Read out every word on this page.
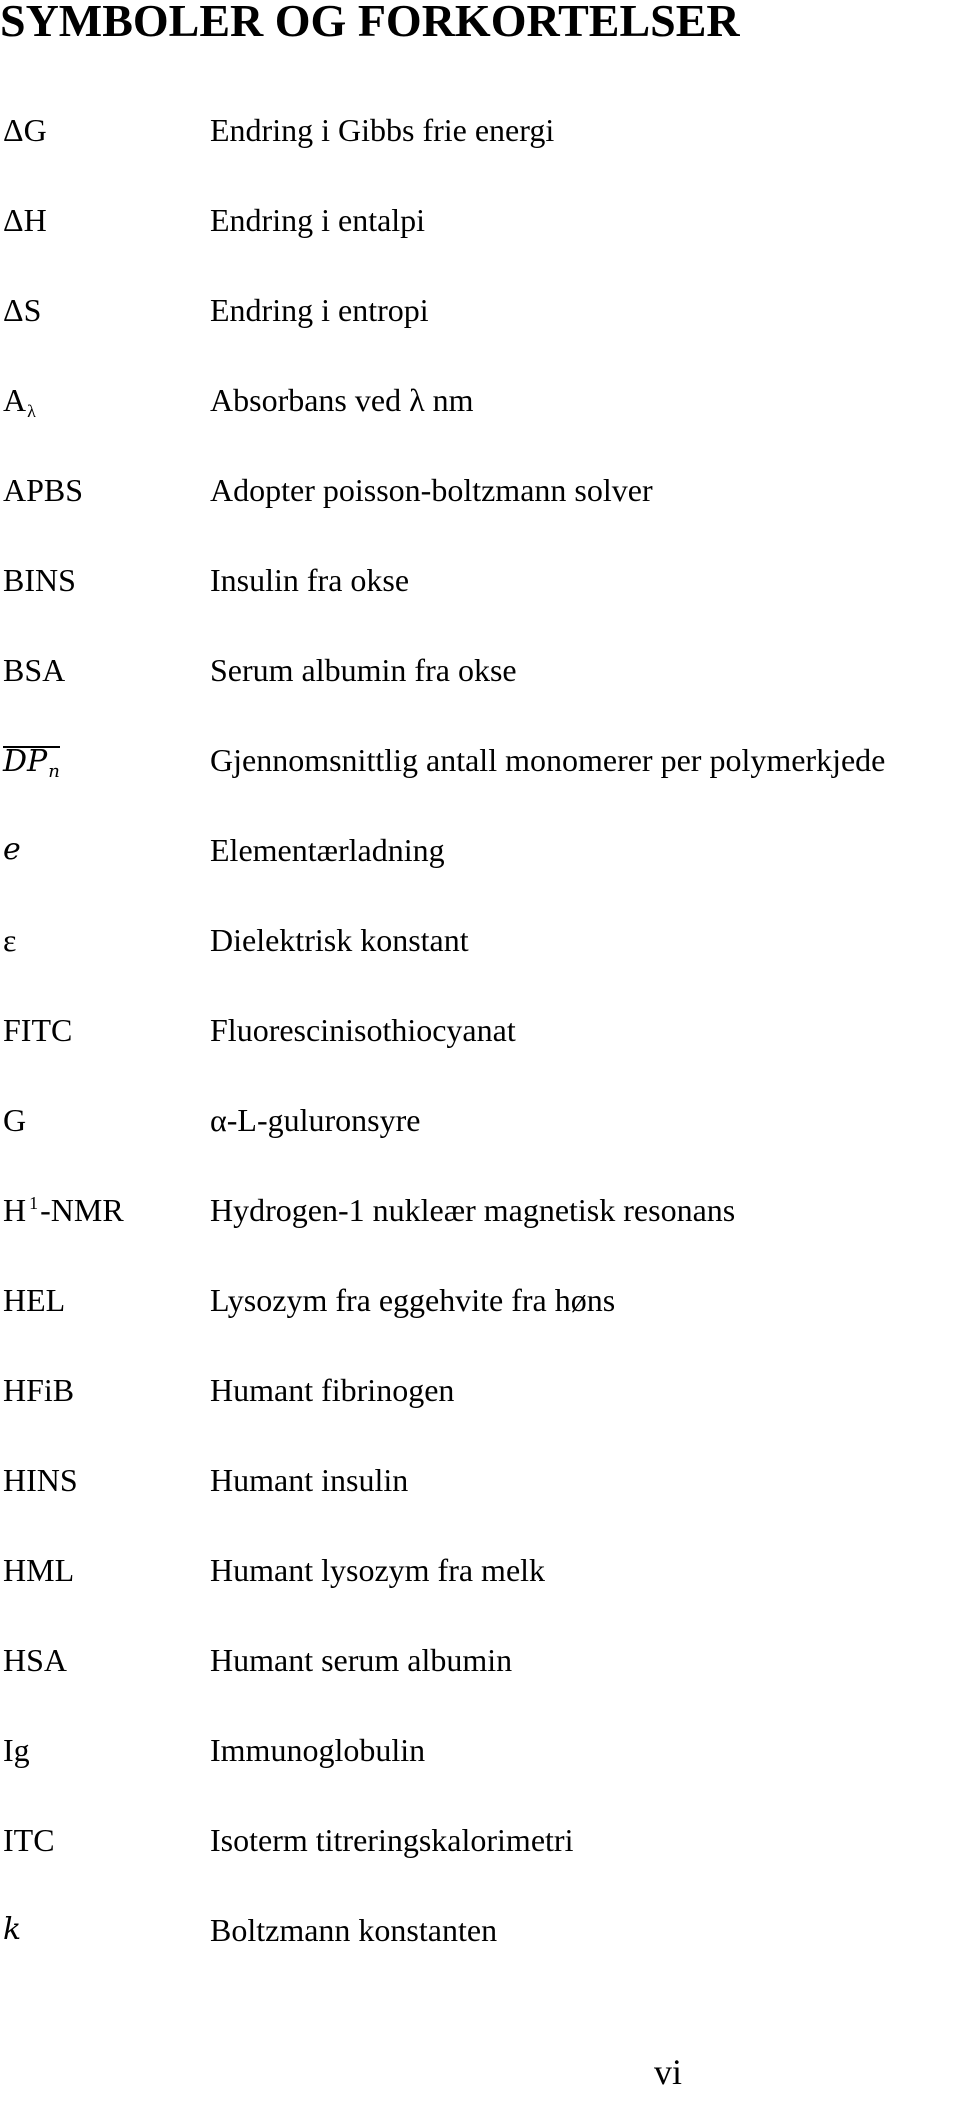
SYMBOLER OG FORKORTELSER
ΔG	Endring i Gibbs frie energi
ΔH	Endring i entalpi
ΔS	Endring i entropi
Aλ	Absorbans ved λ nm
APBS	Adopter poisson-boltzmann solver
BINS	Insulin fra okse
BSA	Serum albumin fra okse
$DP_n$	Gjennomsnittlig antall monomerer per polymerkjede
e	Elementærladning
ε	Dielektrisk konstant
FITC	Fluorescinisothiocyanat
G	α-L-guluronsyre
H $^1$-NMR	Hydrogen-1 nukleær magnetisk resonans
HEL	Lysozym fra eggehvite fra høns
HFiB	Humant fibrinogen
HINS	Humant insulin
HML	Humant lysozym fra melk
HSA	Humant serum albumin
Ig	Immunoglobulin
ITC	Isoterm titreringskalorimetri
k	Boltzmann konstanten
vi
